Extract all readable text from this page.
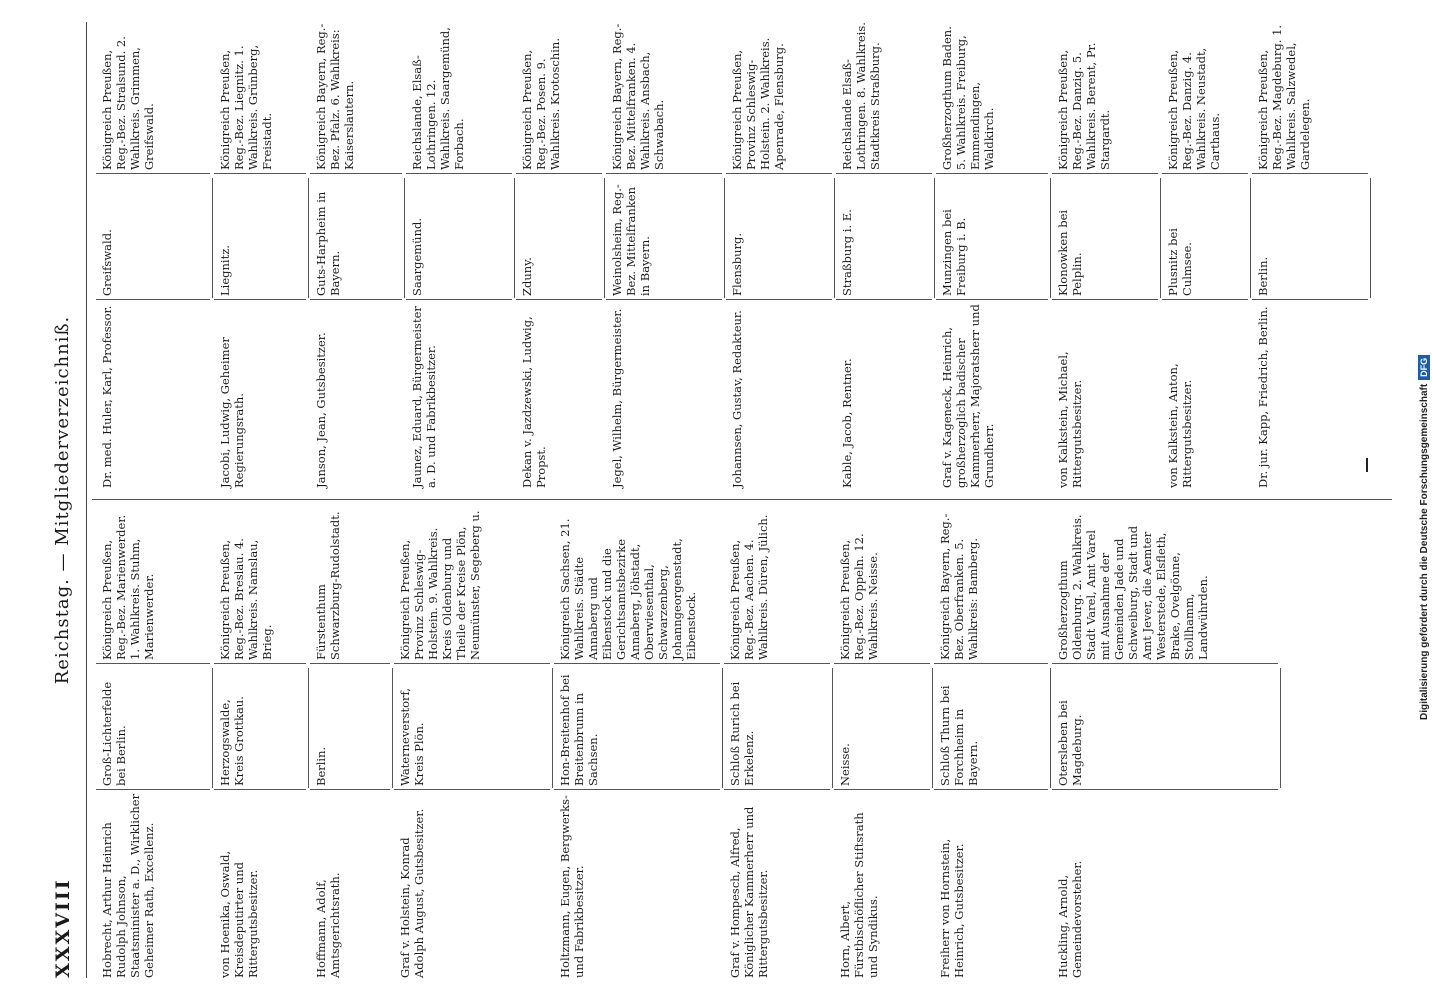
XXXVIII
Reichstag. — Mitgliederverzeichniß.
Hobrecht, Arthur Heinrich Rudolph Johnson, Staatsminister a. D., Wirklicher Geheimer Rath, Excellenz.
Groß-Lichterfelde bei Berlin.
Königreich Preußen, Reg.-Bez. Marienwerder. 1. Wahlkreis. Stuhm, Marienwerder.
von Hoenika, Oswald, Kreisdeputirter und Rittergutsbesitzer.
Herzogswalde, Kreis Grottkau.
Königreich Preußen, Reg.-Bez. Breslau. 4. Wahlkreis. Namslau, Brieg.
Hoffmann, Adolf, Amtsgerichtsrath.
Berlin.
Fürstenthum Schwarzburg-Rudolstadt.
Graf v. Holstein, Konrad Adolph August, Gutsbesitzer.
Waterneverstorf, Kreis Plön.
Königreich Preußen, Provinz Schleswig-Holstein. 9. Wahlkreis. Kreis Oldenburg und Theile der Kreise Plön, Neumünster, Segeberg u.
Holtzmann, Eugen, Bergwerks- und Fabrikbesitzer.
Hon-Breitenhof bei Breitenbrunn in Sachsen.
Königreich Sachsen, 21. Wahlkreis. Städte Annaberg und Eibenstock und die Gerichtsamtsbezirke Annaberg, Jöhstadt, Oberwiesenthal, Schwarzenberg, Johanngeorgenstadt, Eibenstock.
Graf v. Hompesch, Alfred, Königlicher Kammerherr und Rittergutsbesitzer.
Schloß Rurich bei Erkelenz.
Königreich Preußen, Reg.-Bez. Aachen. 4. Wahlkreis. Düren, Jülich.
Horn, Albert, Fürstbischöflicher Stiftsrath und Syndikus.
Neisse.
Königreich Preußen, Reg.-Bez. Oppeln. 12. Wahlkreis. Neisse.
Freiherr von Hornstein, Heinrich, Gutsbesitzer.
Schloß Thurn bei Forchheim in Bayern.
Königreich Bayern, Reg.-Bez. Oberfranken. 5. Wahlkreis: Bamberg.
Huckling, Arnold, Gemeindevorsteher.
Otersleben bei Magdeburg.
Großherzogthum Oldenburg. 2. Wahlkreis. Stadt Varel, Amt Varel mit Ausnahme der Gemeinden Jade und Schweiburg, Stadt und Amt Jever, die Aemter Westerstede, Elsfleth, Brake, Ovelgönne, Stollhamm, Landwührden.
Dr. med. Huler, Karl, Professor.
Greifswald.
Königreich Preußen, Reg.-Bez. Stralsund. 2. Wahlkreis. Grimmen, Greifswald.
Jacobi, Ludwig, Geheimer Regierungsrath.
Liegnitz.
Königreich Preußen, Reg.-Bez. Liegnitz. 1. Wahlkreis. Grünberg, Freistadt.
Janson, Jean, Gutsbesitzer.
Guts-Harpheim in Bayern.
Königreich Bayern, Reg.-Bez. Pfalz. 6. Wahlkreis: Kaiserslautern.
Jaunez, Eduard, Bürgermeister a. D. und Fabrikbesitzer.
Saargemünd.
Reichslande, Elsaß-Lothringen. 12. Wahlkreis. Saargemünd, Forbach.
Dekan v. Jazdzewski, Ludwig, Propst.
Zduny.
Königreich Preußen, Reg.-Bez. Posen. 9. Wahlkreis. Krotoschin.
Jegel, Wilhelm, Bürgermeister.
Weinolsheim, Reg.-Bez. Mittelfranken in Bayern.
Königreich Bayern, Reg.-Bez. Mittelfranken. 4. Wahlkreis. Ansbach, Schwabach.
Johannsen, Gustav, Redakteur.
Flensburg.
Königreich Preußen, Provinz Schleswig-Holstein. 2. Wahlkreis. Apenrade, Flensburg.
Kable, Jacob, Rentner.
Straßburg i. E.
Reichslande Elsaß-Lothringen. 8. Wahlkreis. Stadtkreis Straßburg.
Graf v. Kageneck, Heinrich, großherzoglich badischer Kammerherr, Majoratsherr und Grundherr.
Munzingen bei Freiburg i. B.
Großherzogthum Baden. 5. Wahlkreis. Freiburg, Emmendingen, Waldkirch.
von Kalkstein, Michael, Rittergutsbesitzer.
Klonowken bei Pelplin.
Königreich Preußen, Reg.-Bez. Danzig. 5. Wahlkreis. Berent, Pr. Stargardt.
von Kalkstein, Anton, Rittergutsbesitzer.
Plusnitz bei Culmsee.
Königreich Preußen, Reg.-Bez. Danzig. 4. Wahlkreis. Neustadt, Carthaus.
Dr. jur. Kapp, Friedrich, Berlin.
Berlin.
Königreich Preußen, Reg.-Bez. Magdeburg. 1. Wahlkreis. Salzwedel, Gardelegen.
Digitalisierung gefördert durch die Deutsche ForschungsgemeinschaftDFG
